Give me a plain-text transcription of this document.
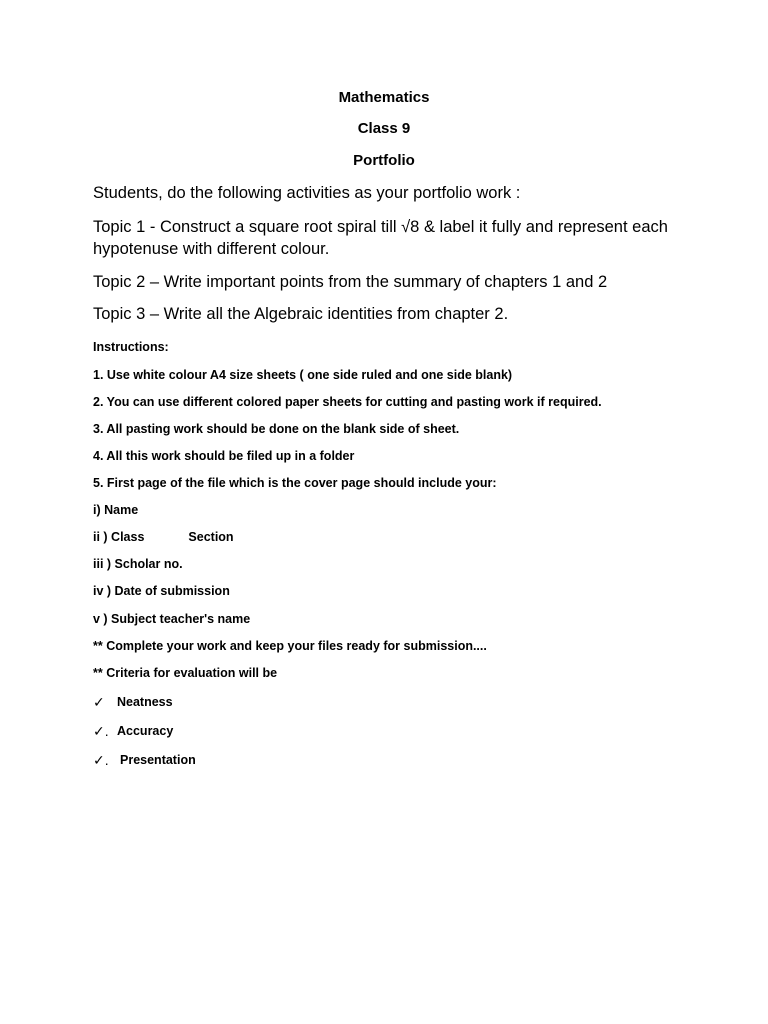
Mathematics

Class 9

Portfolio

Students, do the following activities as your portfolio work :

Topic 1 - Construct a square root spiral till √8 & label it fully and represent each hypotenuse with different colour.

Topic 2 – Write important points from the summary of chapters 1 and 2

Topic 3 – Write all the Algebraic identities from chapter 2.

Instructions:

1. Use white colour A4 size sheets ( one side ruled and one side blank)

2. You can use different colored paper sheets for cutting and pasting work if required.

3. All pasting work should be done on the blank side of sheet.

4. All this work should be filed up in a folder

5. First page of the file which is the cover page should include your:

i) Name

ii ) Class	Section

iii ) Scholar no.

iv ) Date of submission

v ) Subject teacher's name

** Complete your work and keep your files ready for submission....

** Criteria for evaluation will be

✓ Neatness

✓. Accuracy

✓. Presentation
